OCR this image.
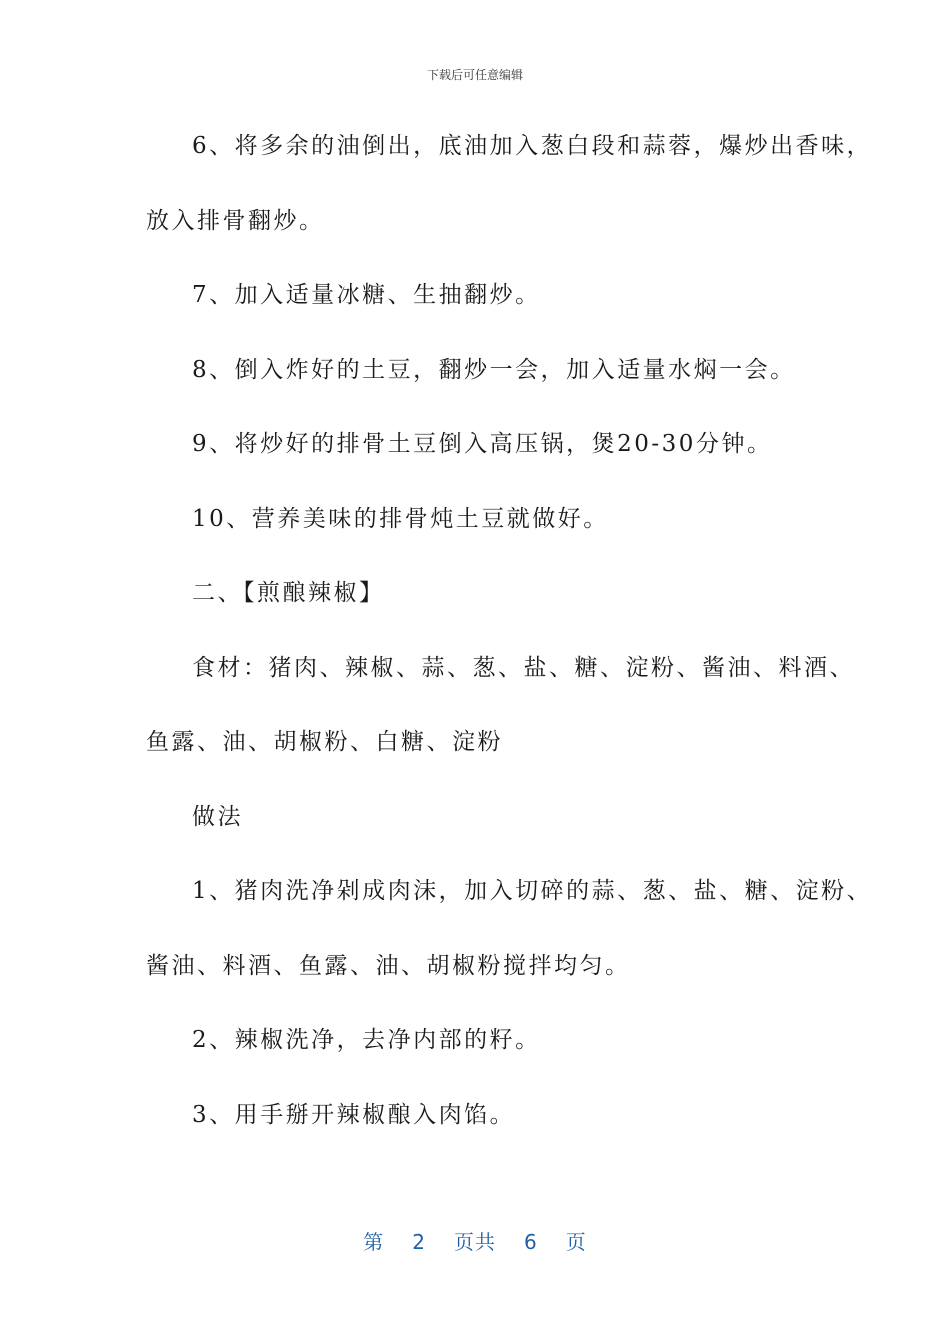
下载后可任意编辑
6、将多余的油倒出，底油加入葱白段和蒜蓉，爆炒出香味，
放入排骨翻炒。
7、加入适量冰糖、生抽翻炒。
8、倒入炸好的土豆，翻炒一会，加入适量水焖一会。
9、将炒好的排骨土豆倒入高压锅，煲20-30分钟。
10、营养美味的排骨炖土豆就做好。
二、【煎酿辣椒】
食材：猪肉、辣椒、蒜、葱、盐、糖、淀粉、酱油、料酒、
鱼露、油、胡椒粉、白糖、淀粉
做法
1、猪肉洗净剁成肉沫，加入切碎的蒜、葱、盐、糖、淀粉、
酱油、料酒、鱼露、油、胡椒粉搅拌均匀。
2、辣椒洗净，去净内部的籽。
3、用手掰开辣椒酿入肉馅。
第 2 页共 6 页
